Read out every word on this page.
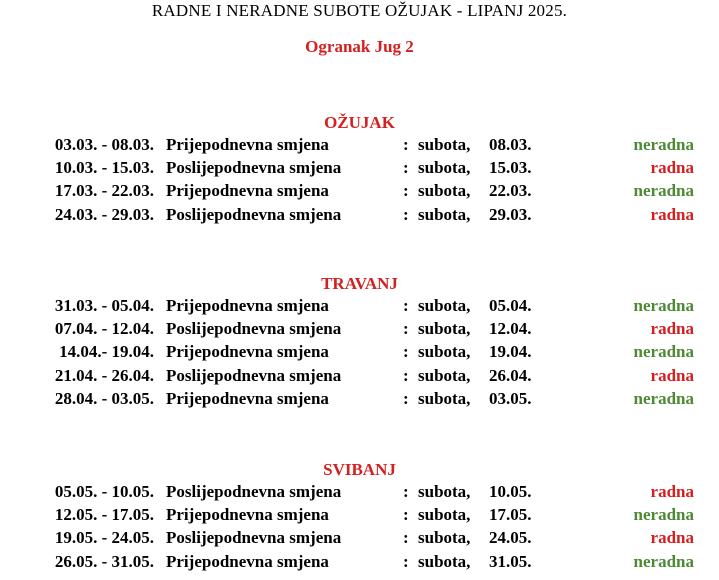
RADNE I NERADNE SUBOTE OŽUJAK - LIPANJ 2025.
Ogranak Jug 2
OŽUJAK
03.03. - 08.03. Prijepodnevna smjena	: subota, 08.03.	neradna
10.03. - 15.03. Poslijepodnevna smjena	: subota, 15.03.	radna
17.03. - 22.03. Prijepodnevna smjena	: subota, 22.03.	neradna
24.03. - 29.03. Poslijepodnevna smjena	: subota, 29.03.	radna
TRAVANJ
31.03. - 05.04. Prijepodnevna smjena	: subota, 05.04.	neradna
07.04. - 12.04. Poslijepodnevna smjena	: subota, 12.04.	radna
14.04.- 19.04. Prijepodnevna smjena	: subota, 19.04.	neradna
21.04. - 26.04. Poslijepodnevna smjena	: subota, 26.04.	radna
28.04. - 03.05. Prijepodnevna smjena	: subota, 03.05.	neradna
SVIBANJ
05.05. - 10.05. Poslijepodnevna smjena	: subota, 10.05.	radna
12.05. - 17.05. Prijepodnevna smjena	: subota, 17.05.	neradna
19.05. - 24.05. Poslijepodnevna smjena	: subota, 24.05.	radna
26.05. - 31.05. Prijepodnevna smjena	: subota, 31.05.	neradna
